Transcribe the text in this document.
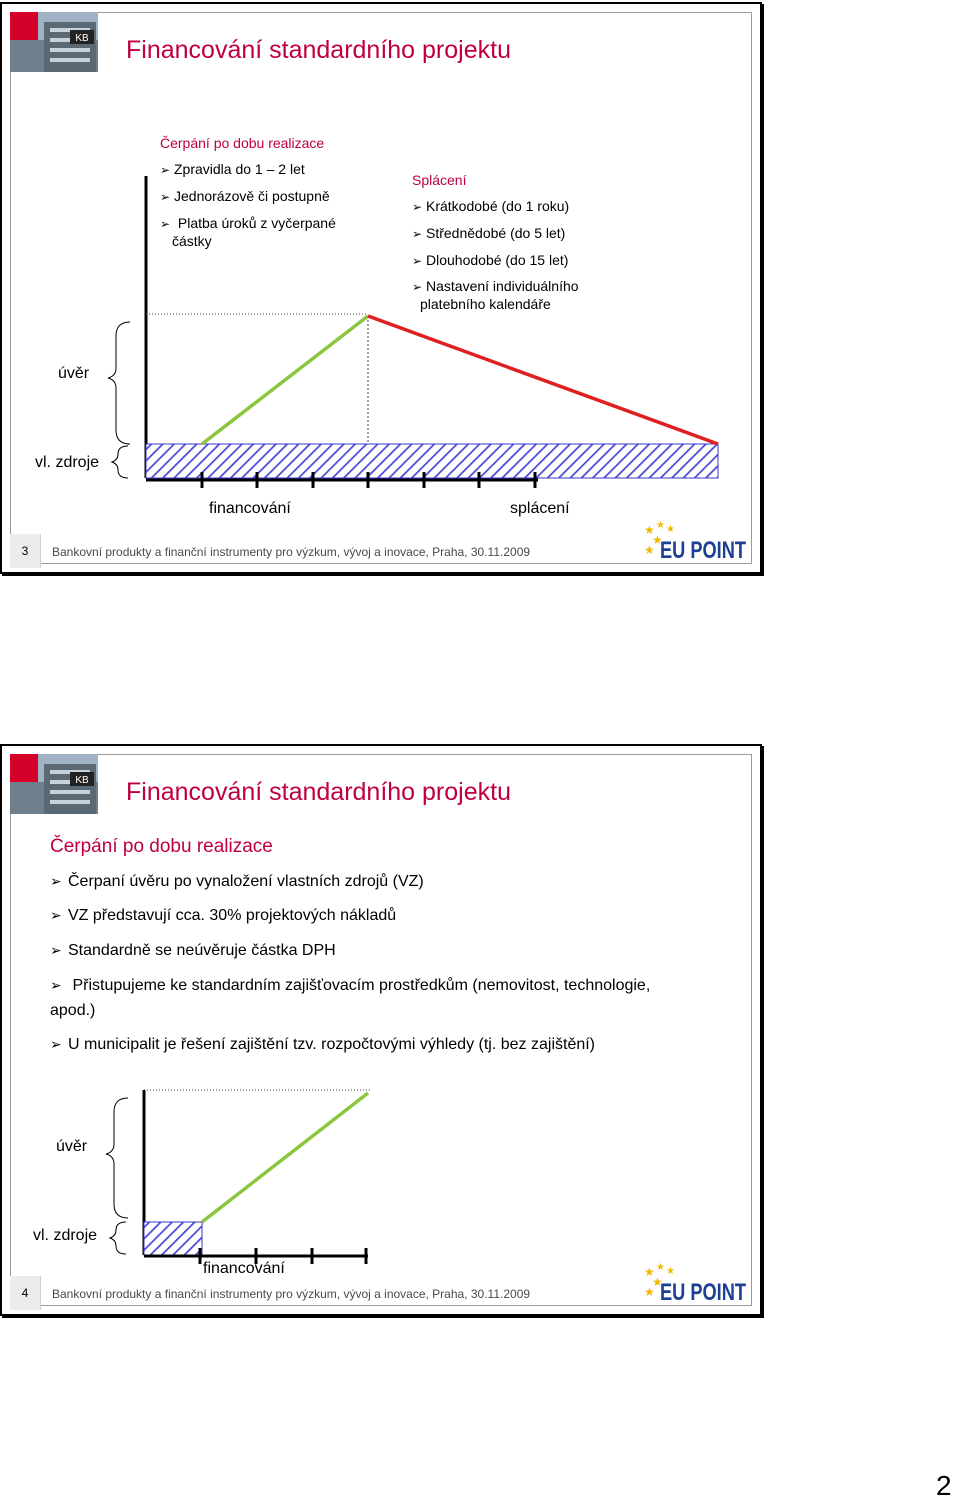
KB Financování standardního projektu
Čerpání po dobu realizace
➢ Zpravidla do 1 – 2 let
➢ Jednorázově či postupně
➢ Platba úroků z vyčerpané
částky
Splácení
➢ Krátkodobé (do 1 roku)
➢ Střednědobé (do 5 let)
➢ Dlouhodobé (do 15 let)
➢ Nastavení individuálního
platebního kalendáře
úvěr
vl. zdroje
financování	splácení
3	Bankovní produkty a finanční instrumenty pro výzkum, vývoj a inovace, Praha, 30.11.2009
★
★
★
★ ★
EU POINT
KB Financování standardního projektu
Čerpání po dobu realizace
➢ Čerpaní úvěru po vynaložení vlastních zdrojů (VZ)
➢ VZ představují cca. 30% projektových nákladů
➢ Standardně se neúvěruje částka DPH
➢ Přistupujeme ke standardním zajišťovacím prostředkům (nemovitost, technologie,
apod.)
➢ U municipalit je řešení zajištění tzv. rozpočtovými výhledy (tj. bez zajištění)
úvěr
vl. zdroje
financování
4	Bankovní produkty a finanční instrumenty pro výzkum, vývoj a inovace, Praha, 30.11.2009
★
★
★
★ ★
EU POINT
2
